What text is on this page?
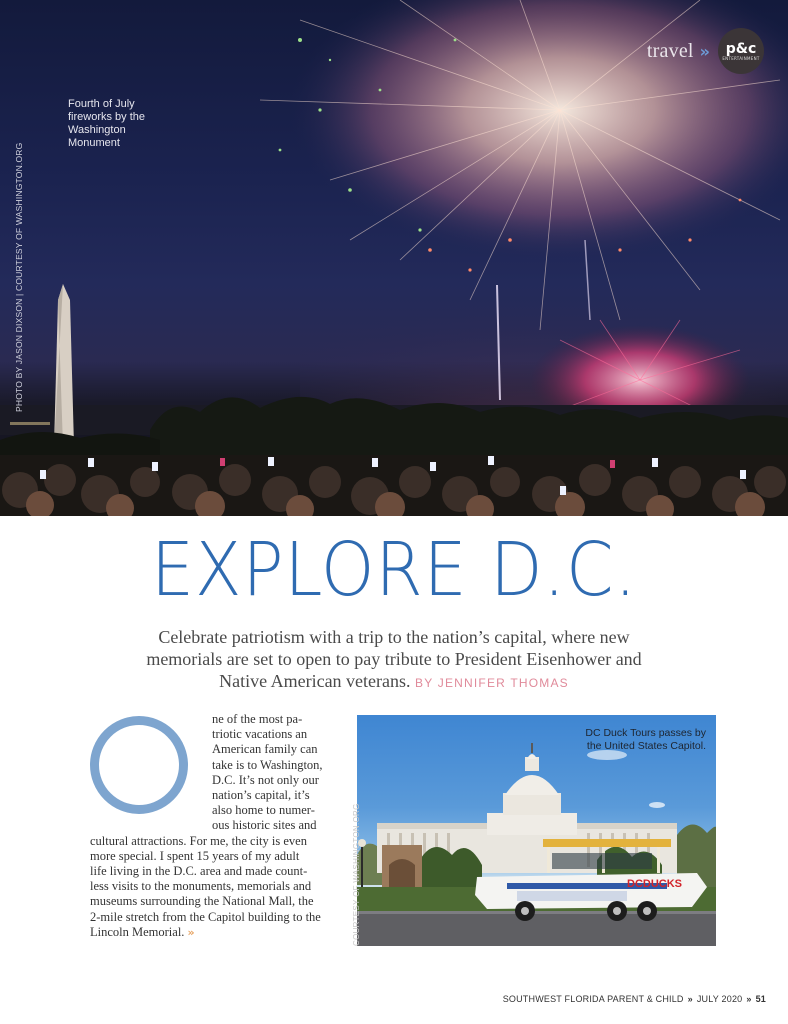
travel » p&c
ENTERTAINMENT
Fourth of July fireworks by the Washington Monument
PHOTO BY JASON DIXSON | COURTESY OF WASHINGTON.ORG
EXPLORE D.C.
Celebrate patriotism with a trip to the nation’s capital, where new memorials are set to open to pay tribute to President Eisenhower and Native American veterans. BY JENNIFER THOMAS
ne of the most pa-
triotic vacations an
American family can
take is to Washington,
D.C. It’s not only our
nation’s capital, it’s
also home to numer-
ous historic sites and
cultural attractions. For me, the city is even
more special. I spent 15 years of my adult
life living in the D.C. area and made count-
less visits to the monuments, memorials and
museums surrounding the National Mall, the
2-mile stretch from the Capitol building to the
Lincoln Memorial. »
DCDUCKS
DC Duck Tours passes by the United States Capitol.
COURTESY OF WASHINGTON.ORG
SOUTHWEST FLORIDA PARENT & CHILD » JULY 2020 » 51
